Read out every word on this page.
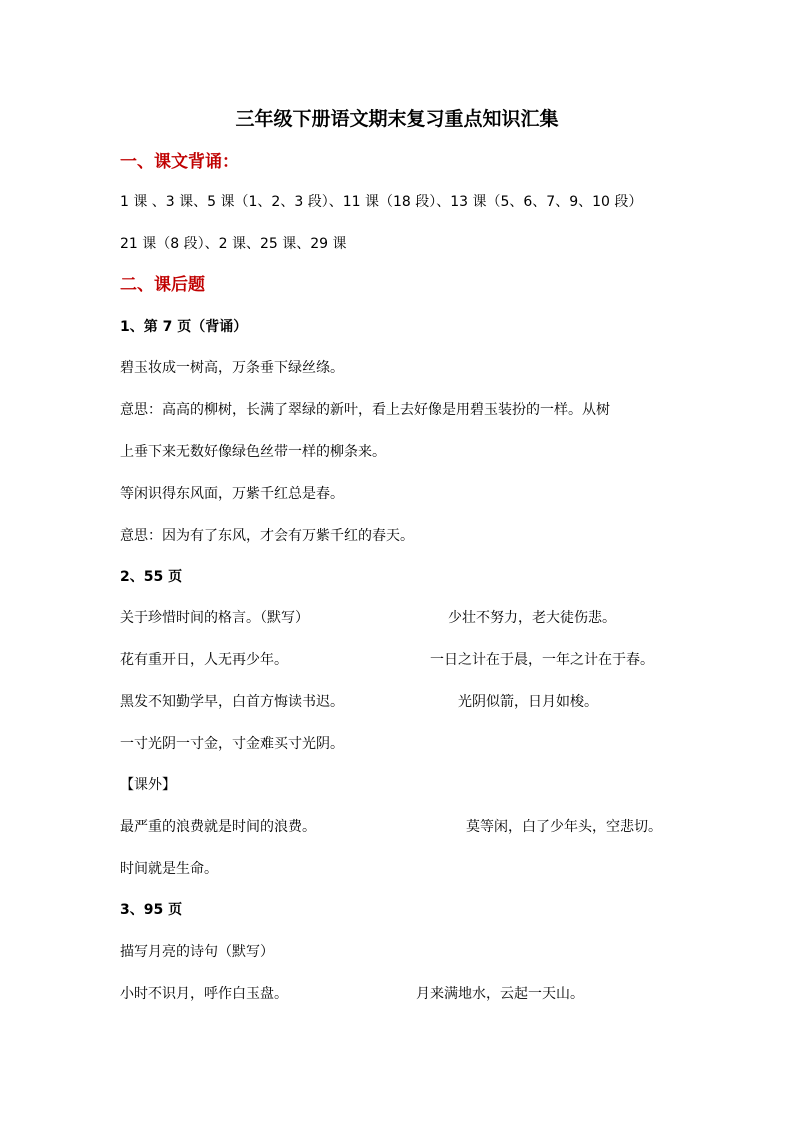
三年级下册语文期末复习重点知识汇集
一、课文背诵：
1 课 、3 课、5 课（1、2、3 段）、11 课（18 段）、13 课（5、6、7、9、10 段）
21 课（8 段）、2 课、25 课、29 课
二、课后题
1、第 7 页（背诵）
碧玉妆成一树高，万条垂下绿丝绦。
意思：高高的柳树，长满了翠绿的新叶，看上去好像是用碧玉装扮的一样。从树
上垂下来无数好像绿色丝带一样的柳条来。
等闲识得东风面，万紫千红总是春。
意思：因为有了东风，才会有万紫千红的春天。
2、55 页
关于珍惜时间的格言。（默写）	少壮不努力，老大徒伤悲。
花有重开日，人无再少年。	一日之计在于晨，一年之计在于春。
黑发不知勤学早，白首方悔读书迟。	光阴似箭，日月如梭。
一寸光阴一寸金，寸金难买寸光阴。
【课外】
最严重的浪费就是时间的浪费。	莫等闲，白了少年头，空悲切。
时间就是生命。
3、95 页
描写月亮的诗句（默写）
小时不识月，呼作白玉盘。	月来满地水，云起一天山。
